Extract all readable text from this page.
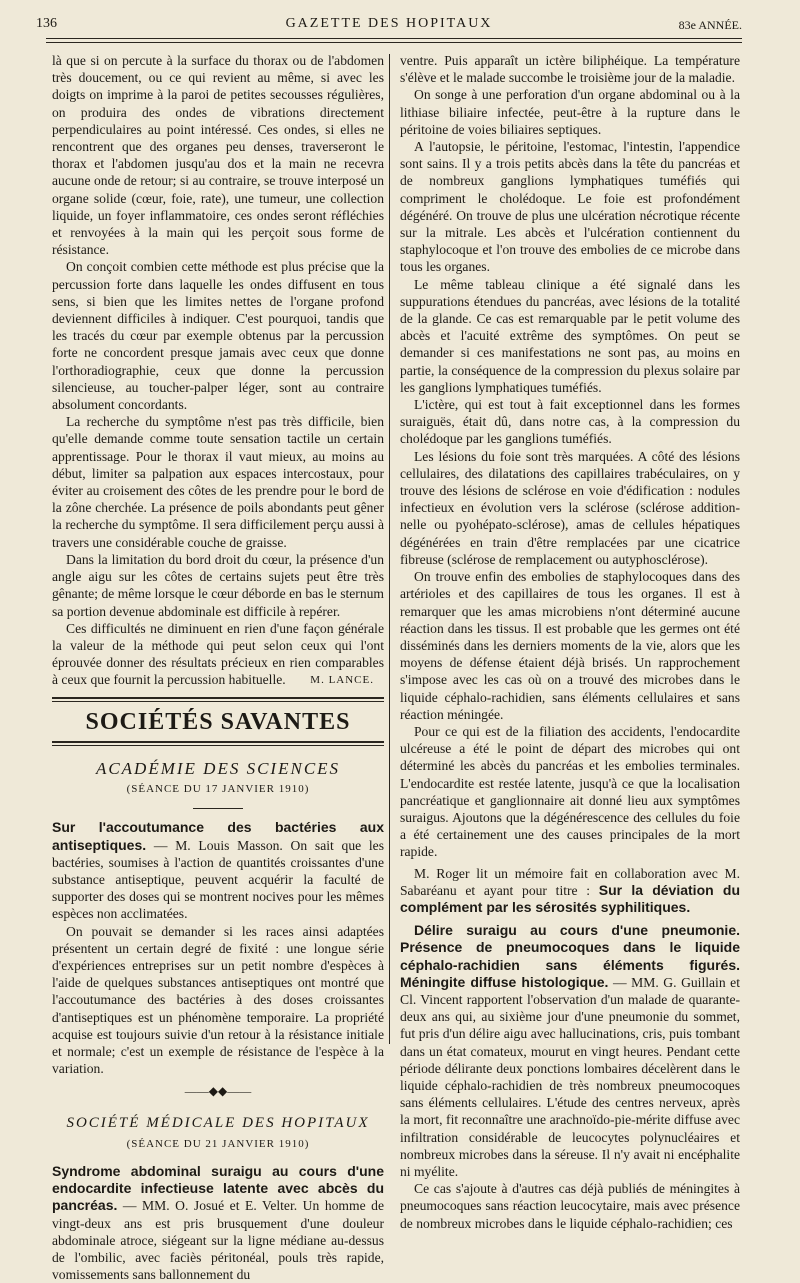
136	GAZETTE DES HOPITAUX	83e ANNÉE.

là que si on percute à la surface du thorax ou de l'abdomen très doucement, ou ce qui revient au même, si avec les doigts on imprime à la paroi de petites secousses régulières, on produira des ondes de vibrations directement perpendiculaires au point intéressé. Ces ondes, si elles ne rencontrent que des organes peu denses, traverseront le thorax et l'abdomen jusqu'au dos et la main ne recevra aucune onde de retour; si au contraire, se trouve interposé un organe solide (cœur, foie, rate), une tumeur, une collection liquide, un foyer inflammatoire, ces ondes seront réfléchies et renvoyées à la main qui les perçoit sous forme de résistance.

On conçoit combien cette méthode est plus précise que la percussion forte dans laquelle les ondes diffusent en tous sens, si bien que les limites nettes de l'organe profond deviennent difficiles à indiquer. C'est pourquoi, tandis que les tracés du cœur par exemple obtenus par la percussion forte ne concordent presque jamais avec ceux que donne l'orthoradiographie, ceux que donne la percussion silencieuse, au toucher-palper léger, sont au contraire absolument concordants.

La recherche du symptôme n'est pas très difficile, bien qu'elle demande comme toute sensation tactile un certain apprentissage. Pour le thorax il vaut mieux, au moins au début, limiter sa palpation aux espaces intercostaux, pour éviter au croisement des côtes de les prendre pour le bord de la zône cherchée. La présence de poils abondants peut gêner la recherche du symptôme. Il sera difficilement perçu aussi à travers une considérable couche de graisse.

Dans la limitation du bord droit du cœur, la présence d'un angle aigu sur les côtes de certains sujets peut être très gênante; de même lorsque le cœur déborde en bas le sternum sa portion devenue abdominale est difficile à repérer.

Ces difficultés ne diminuent en rien d'une façon générale la valeur de la méthode qui peut selon ceux qui l'ont éprouvée donner des résultats précieux en rien comparables à ceux que fournit la percussion habituelle.	M. LANCE.
SOCIÉTÉS SAVANTES
ACADÉMIE DES SCIENCES
(SÉANCE DU 17 JANVIER 1910)

Sur l'accoutumance des bactéries aux antiseptiques. — M. Louis Masson. On sait que les bactéries, soumises à l'action de quantités croissantes d'une substance antiseptique, peuvent acquérir la faculté de supporter des doses qui se montrent nocives pour les mêmes espèces non acclimatées.

On pouvait se demander si les races ainsi adaptées présentent un certain degré de fixité : une longue série d'expériences entreprises sur un petit nombre d'espèces à l'aide de quelques substances antiseptiques ont montré que l'accoutumance des bactéries à des doses croissantes d'antiseptiques est un phénomène temporaire. La propriété acquise est toujours suivie d'un retour à la résistance initiale et normale; c'est un exemple de résistance de l'espèce à la variation.

——◆◆——
SOCIÉTÉ MÉDICALE DES HOPITAUX
(SÉANCE DU 21 JANVIER 1910)

Syndrome abdominal suraigu au cours d'une endocardite infectieuse latente avec abcès du pancréas. — MM. O. Josué et E. Velter. Un homme de vingt-deux ans est pris brusquement d'une douleur abdominale atroce, siégeant sur la ligne médiane au-dessus de l'ombilic, avec faciès péritonéal, pouls très rapide, vomissements sans ballonnement du

ventre. Puis apparaît un ictère biliphéique. La température s'élève et le malade succombe le troisième jour de la maladie.

On songe à une perforation d'un organe abdominal ou à la lithiase biliaire infectée, peut-être à la rupture dans le péritoine de voies biliaires septiques.

A l'autopsie, le péritoine, l'estomac, l'intestin, l'appendice sont sains. Il y a trois petits abcès dans la tête du pancréas et de nombreux ganglions lymphatiques tuméfiés qui compriment le cholédoque. Le foie est profondément dégénéré. On trouve de plus une ulcération nécrotique récente sur la mitrale. Les abcès et l'ulcération contiennent du staphylocoque et l'on trouve des embolies de ce microbe dans tous les organes.

Le même tableau clinique a été signalé dans les suppurations étendues du pancréas, avec lésions de la totalité de la glande. Ce cas est remarquable par le petit volume des abcès et l'acuité extrême des symptômes. On peut se demander si ces manifestations ne sont pas, au moins en partie, la conséquence de la compression du plexus solaire par les ganglions lymphatiques tuméfiés.

L'ictère, qui est tout à fait exceptionnel dans les formes suraiguës, était dû, dans notre cas, à la compression du cholédoque par les ganglions tuméfiés.

Les lésions du foie sont très marquées. A côté des lésions cellulaires, des dilatations des capillaires trabéculaires, on y trouve des lésions de sclérose en voie d'édification : nodules infectieux en évolution vers la sclérose (sclérose addition-nelle ou pyohépato-sclérose), amas de cellules hépatiques dégénérées en train d'être remplacées par une cicatrice fibreuse (sclérose de remplacement ou autyphosclérose).

On trouve enfin des embolies de staphylocoques dans des artérioles et des capillaires de tous les organes. Il est à remarquer que les amas microbiens n'ont déterminé aucune réaction dans les tissus. Il est probable que les germes ont été disséminés dans les derniers moments de la vie, alors que les moyens de défense étaient déjà brisés. Un rapprochement s'impose avec les cas où on a trouvé des microbes dans le liquide céphalo-rachidien, sans éléments cellulaires et sans réaction méningée.

Pour ce qui est de la filiation des accidents, l'endocardite ulcéreuse a été le point de départ des microbes qui ont déterminé les abcès du pancréas et les embolies terminales. L'endocardite est restée latente, jusqu'à ce que la localisation pancréatique et ganglionnaire ait donné lieu aux symptômes suraigus. Ajoutons que la dégénérescence des cellules du foie a été certainement une des causes principales de la mort rapide.

M. Roger lit un mémoire fait en collaboration avec M. Sabaréanu et ayant pour titre : Sur la déviation du complément par les sérosités syphilitiques.

Délire suraigu au cours d'une pneumonie. Présence de pneumocoques dans le liquide céphalo-rachidien sans éléments figurés. Méningite diffuse histologique. — MM. G. Guillain et Cl. Vincent rapportent l'observation d'un malade de quarante-deux ans qui, au sixième jour d'une pneumonie du sommet, fut pris d'un délire aigu avec hallucinations, cris, puis tombant dans un état comateux, mourut en vingt heures. Pendant cette période délirante deux ponctions lombaires décelèrent dans le liquide céphalo-rachidien de très nombreux pneumocoques sans éléments cellulaires. L'étude des centres nerveux, après la mort, fit reconnaître une arachnoïdo-pie-mérite diffuse avec infiltration considérable de leucocytes polynucléaires et nombreux microbes dans la séreuse. Il n'y avait ni encéphalite ni myélite.

Ce cas s'ajoute à d'autres cas déjà publiés de méningites à pneumocoques sans réaction leucocytaire, mais avec présence de nombreux microbes dans le liquide céphalo-rachidien; ces
